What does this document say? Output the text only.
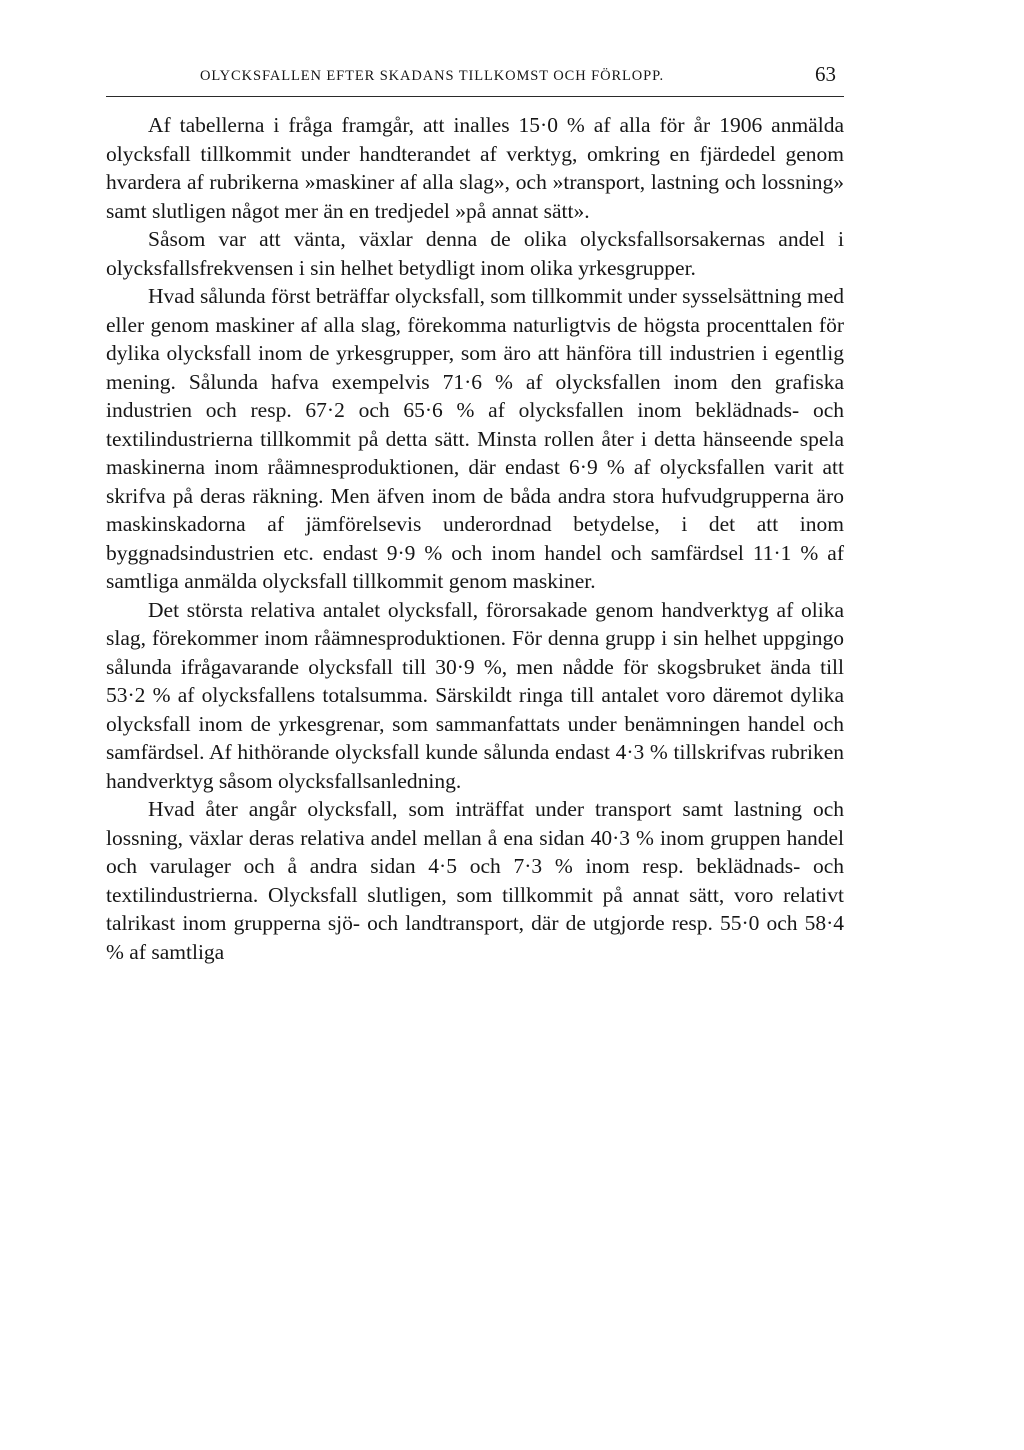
OLYCKSFALLEN EFTER SKADANS TILLKOMST OCH FÖRLOPP.	63

Af tabellerna i fråga framgår, att inalles 15·0 % af alla för år 1906 anmälda olycksfall tillkommit under handterandet af verktyg, omkring en fjärdedel genom hvardera af rubrikerna »maskiner af alla slag», och »transport, lastning och lossning» samt slutligen något mer än en tredjedel »på annat sätt».

Såsom var att vänta, växlar denna de olika olycksfallsorsakernas andel i olycksfallsfrekvensen i sin helhet betydligt inom olika yrkesgrupper.

Hvad sålunda först beträffar olycksfall, som tillkommit under sysselsättning med eller genom maskiner af alla slag, förekomma naturligtvis de högsta procenttalen för dylika olycksfall inom de yrkesgrupper, som äro att hänföra till industrien i egentlig mening. Sålunda hafva exempelvis 71·6 % af olycksfallen inom den grafiska industrien och resp. 67·2 och 65·6 % af olycksfallen inom beklädnads- och textilindustrierna tillkommit på detta sätt. Minsta rollen åter i detta hänseende spela maskinerna inom råämnesproduktionen, där endast 6·9 % af olycksfallen varit att skrifva på deras räkning. Men äfven inom de båda andra stora hufvudgrupperna äro maskinskadorna af jämförelsevis underordnad betydelse, i det att inom byggnadsindustrien etc. endast 9·9 % och inom handel och samfärdsel 11·1 % af samtliga anmälda olycksfall tillkommit genom maskiner.

Det största relativa antalet olycksfall, förorsakade genom handverktyg af olika slag, förekommer inom råämnesproduktionen. För denna grupp i sin helhet uppgingo sålunda ifrågavarande olycksfall till 30·9 %, men nådde för skogsbruket ända till 53·2 % af olycksfallens totalsumma. Särskildt ringa till antalet voro däremot dylika olycksfall inom de yrkesgrenar, som sammanfattats under benämningen handel och samfärdsel. Af hithörande olycksfall kunde sålunda endast 4·3 % tillskrifvas rubriken handverktyg såsom olycksfallsanledning.

Hvad åter angår olycksfall, som inträffat under transport samt lastning och lossning, växlar deras relativa andel mellan å ena sidan 40·3 % inom gruppen handel och varulager och å andra sidan 4·5 och 7·3 % inom resp. beklädnads- och textilindustrierna. Olycksfall slutligen, som tillkommit på annat sätt, voro relativt talrikast inom grupperna sjö- och landtransport, där de utgjorde resp. 55·0 och 58·4 % af samtliga
